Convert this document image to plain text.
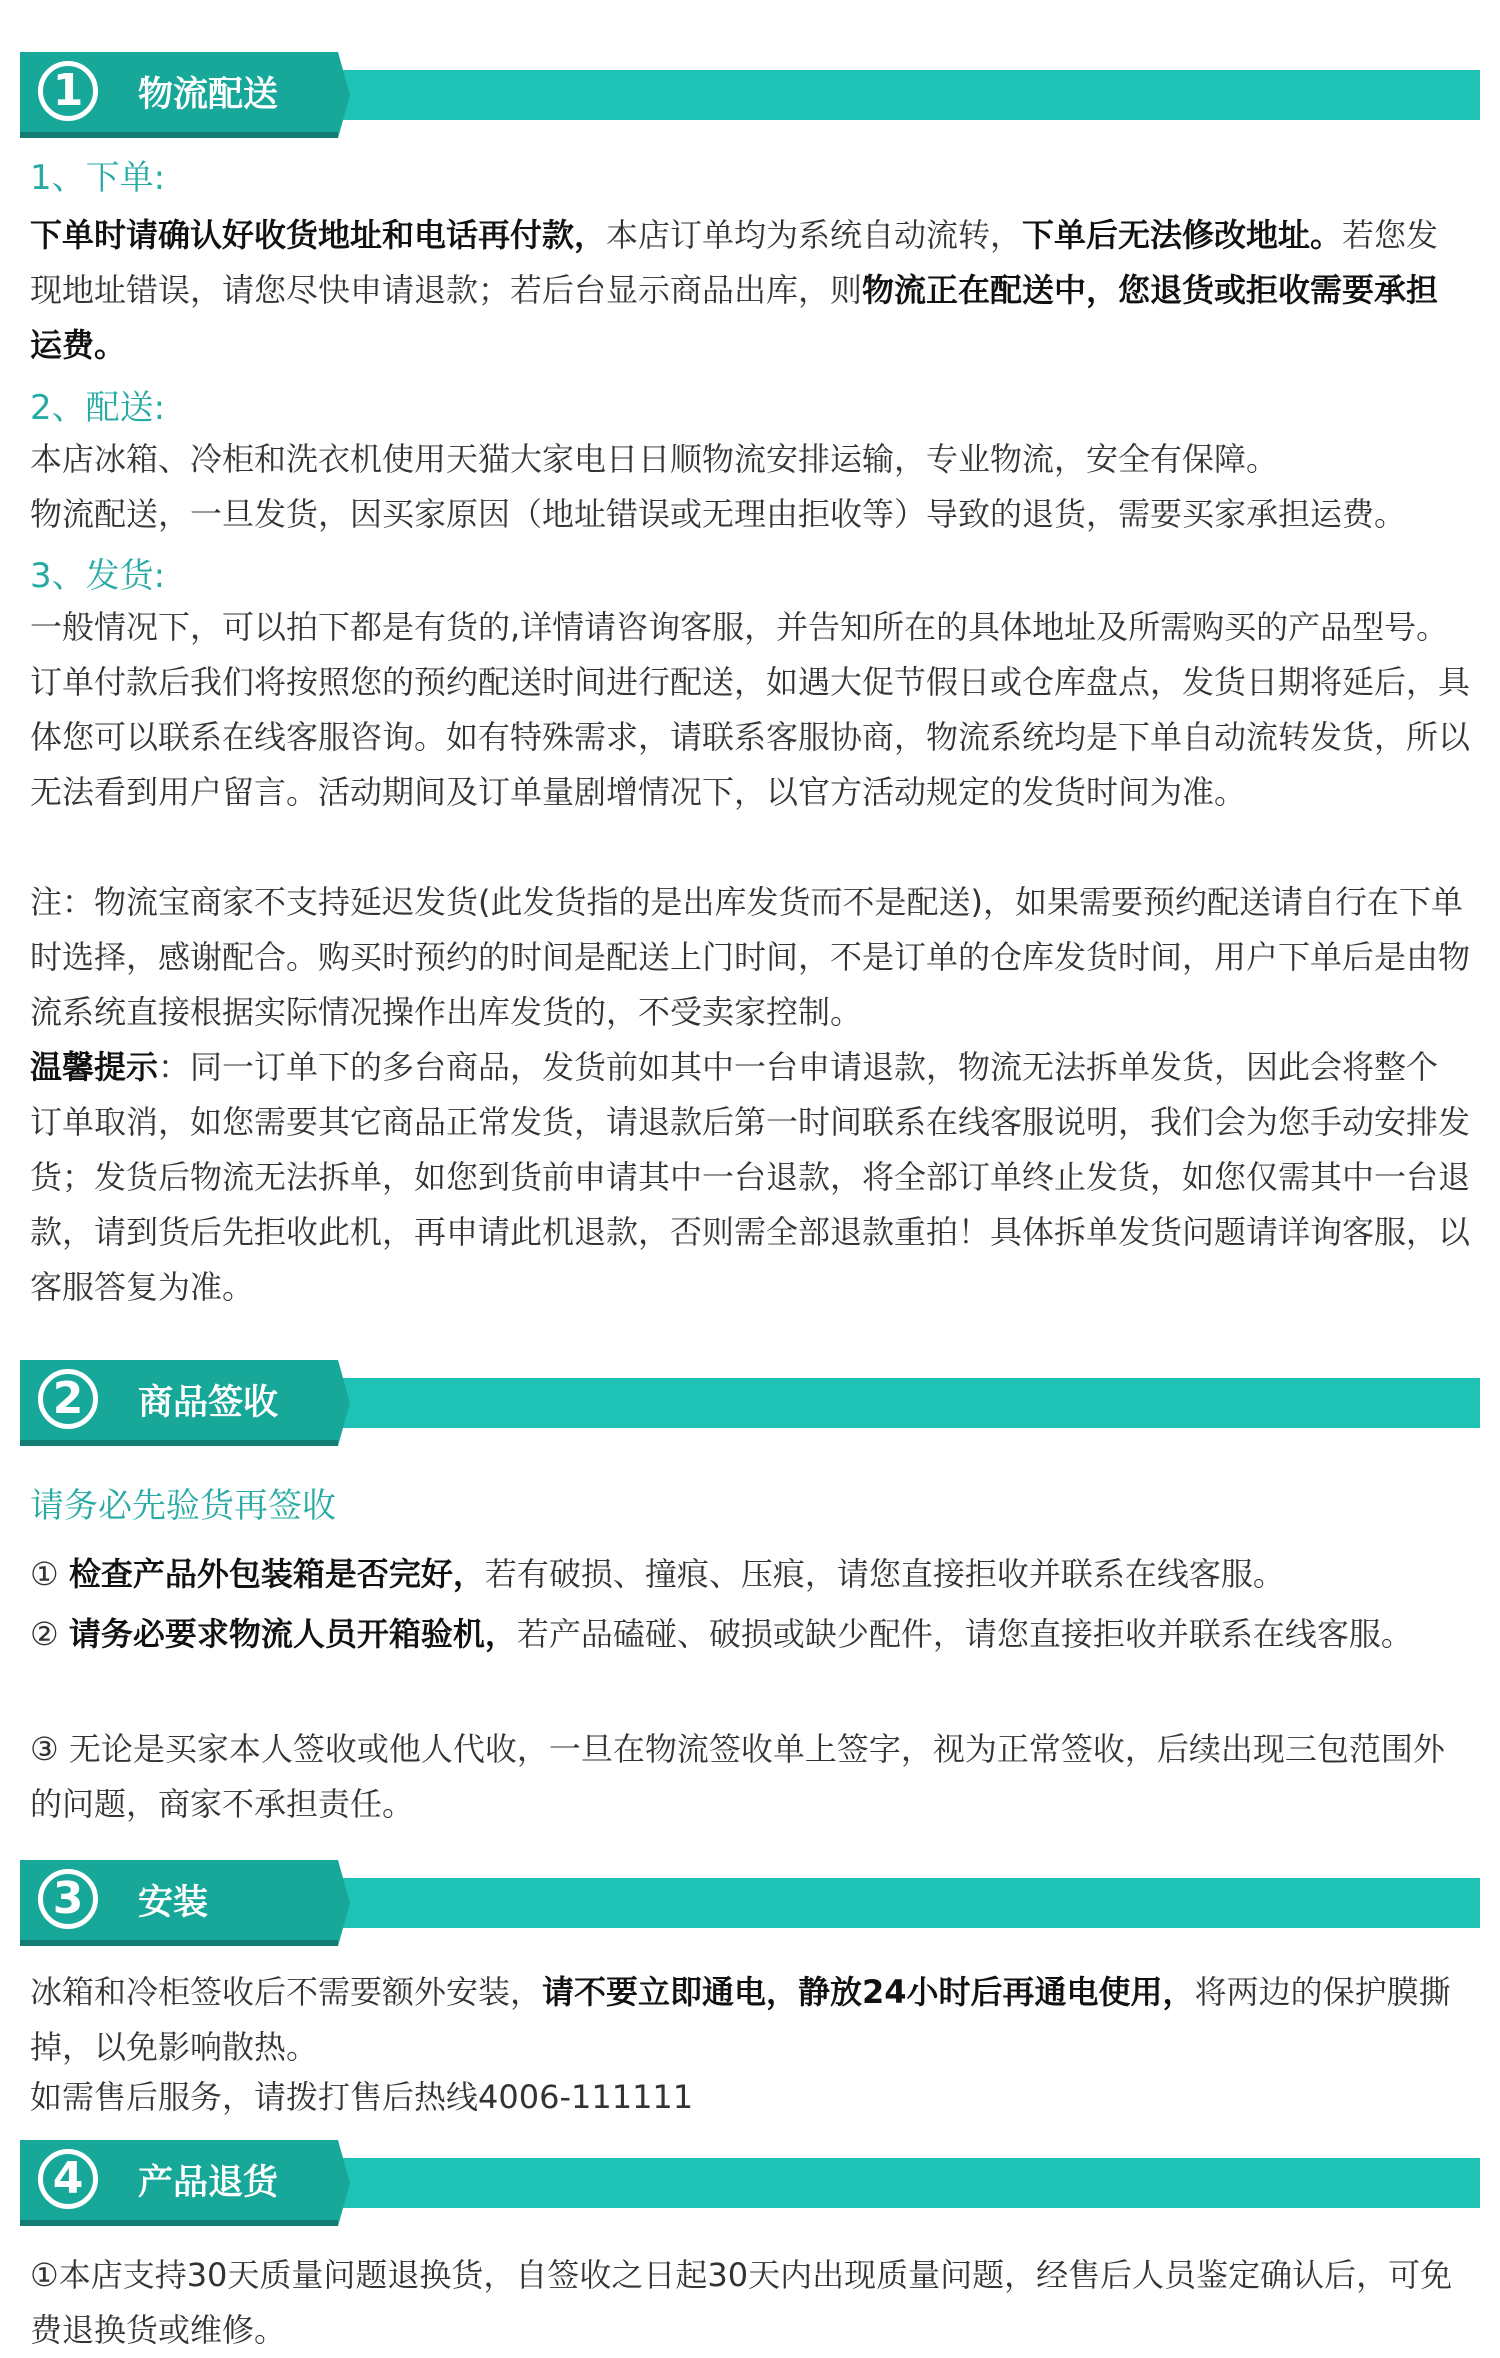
1	物流配送
1、下单:

下单时请确认好收货地址和电话再付款，本店订单均为系统自动流转，下单后无法修改地址。若您发现地址错误，请您尽快申请退款；若后台显示商品出库，则物流正在配送中，您退货或拒收需要承担运费。

2、配送:

本店冰箱、冷柜和洗衣机使用天猫大家电日日顺物流安排运输，专业物流，安全有保障。

物流配送，一旦发货，因买家原因（地址错误或无理由拒收等）导致的退货，需要买家承担运费。

3、发货:

一般情况下，可以拍下都是有货的,详情请咨询客服，并告知所在的具体地址及所需购买的产品型号。订单付款后我们将按照您的预约配送时间进行配送，如遇大促节假日或仓库盘点，发货日期将延后，具体您可以联系在线客服咨询。如有特殊需求，请联系客服协商，物流系统均是下单自动流转发货，所以无法看到用户留言。活动期间及订单量剧增情况下，以官方活动规定的发货时间为准。

注：物流宝商家不支持延迟发货(此发货指的是出库发货而不是配送)，如果需要预约配送请自行在下单时选择，感谢配合。购买时预约的时间是配送上门时间，不是订单的仓库发货时间，用户下单后是由物流系统直接根据实际情况操作出库发货的，不受卖家控制。

温馨提示：同一订单下的多台商品，发货前如其中一台申请退款，物流无法拆单发货，因此会将整个订单取消，如您需要其它商品正常发货，请退款后第一时间联系在线客服说明，我们会为您手动安排发货；发货后物流无法拆单，如您到货前申请其中一台退款，将全部订单终止发货，如您仅需其中一台退款，请到货后先拒收此机，再申请此机退款，否则需全部退款重拍！具体拆单发货问题请详询客服，以客服答复为准。

2	商品签收
请务必先验货再签收

① 检查产品外包装箱是否完好，若有破损、撞痕、压痕，请您直接拒收并联系在线客服。

② 请务必要求物流人员开箱验机，若产品磕碰、破损或缺少配件，请您直接拒收并联系在线客服。

③ 无论是买家本人签收或他人代收，一旦在物流签收单上签字，视为正常签收，后续出现三包范围外的问题，商家不承担责任。

3	安装

冰箱和冷柜签收后不需要额外安装，请不要立即通电，静放24小时后再通电使用，将两边的保护膜撕掉，以免影响散热。

如需售后服务，请拨打售后热线4006-111111

4	产品退货

①本店支持30天质量问题退换货，自签收之日起30天内出现质量问题，经售后人员鉴定确认后，可免费退换货或维修。
